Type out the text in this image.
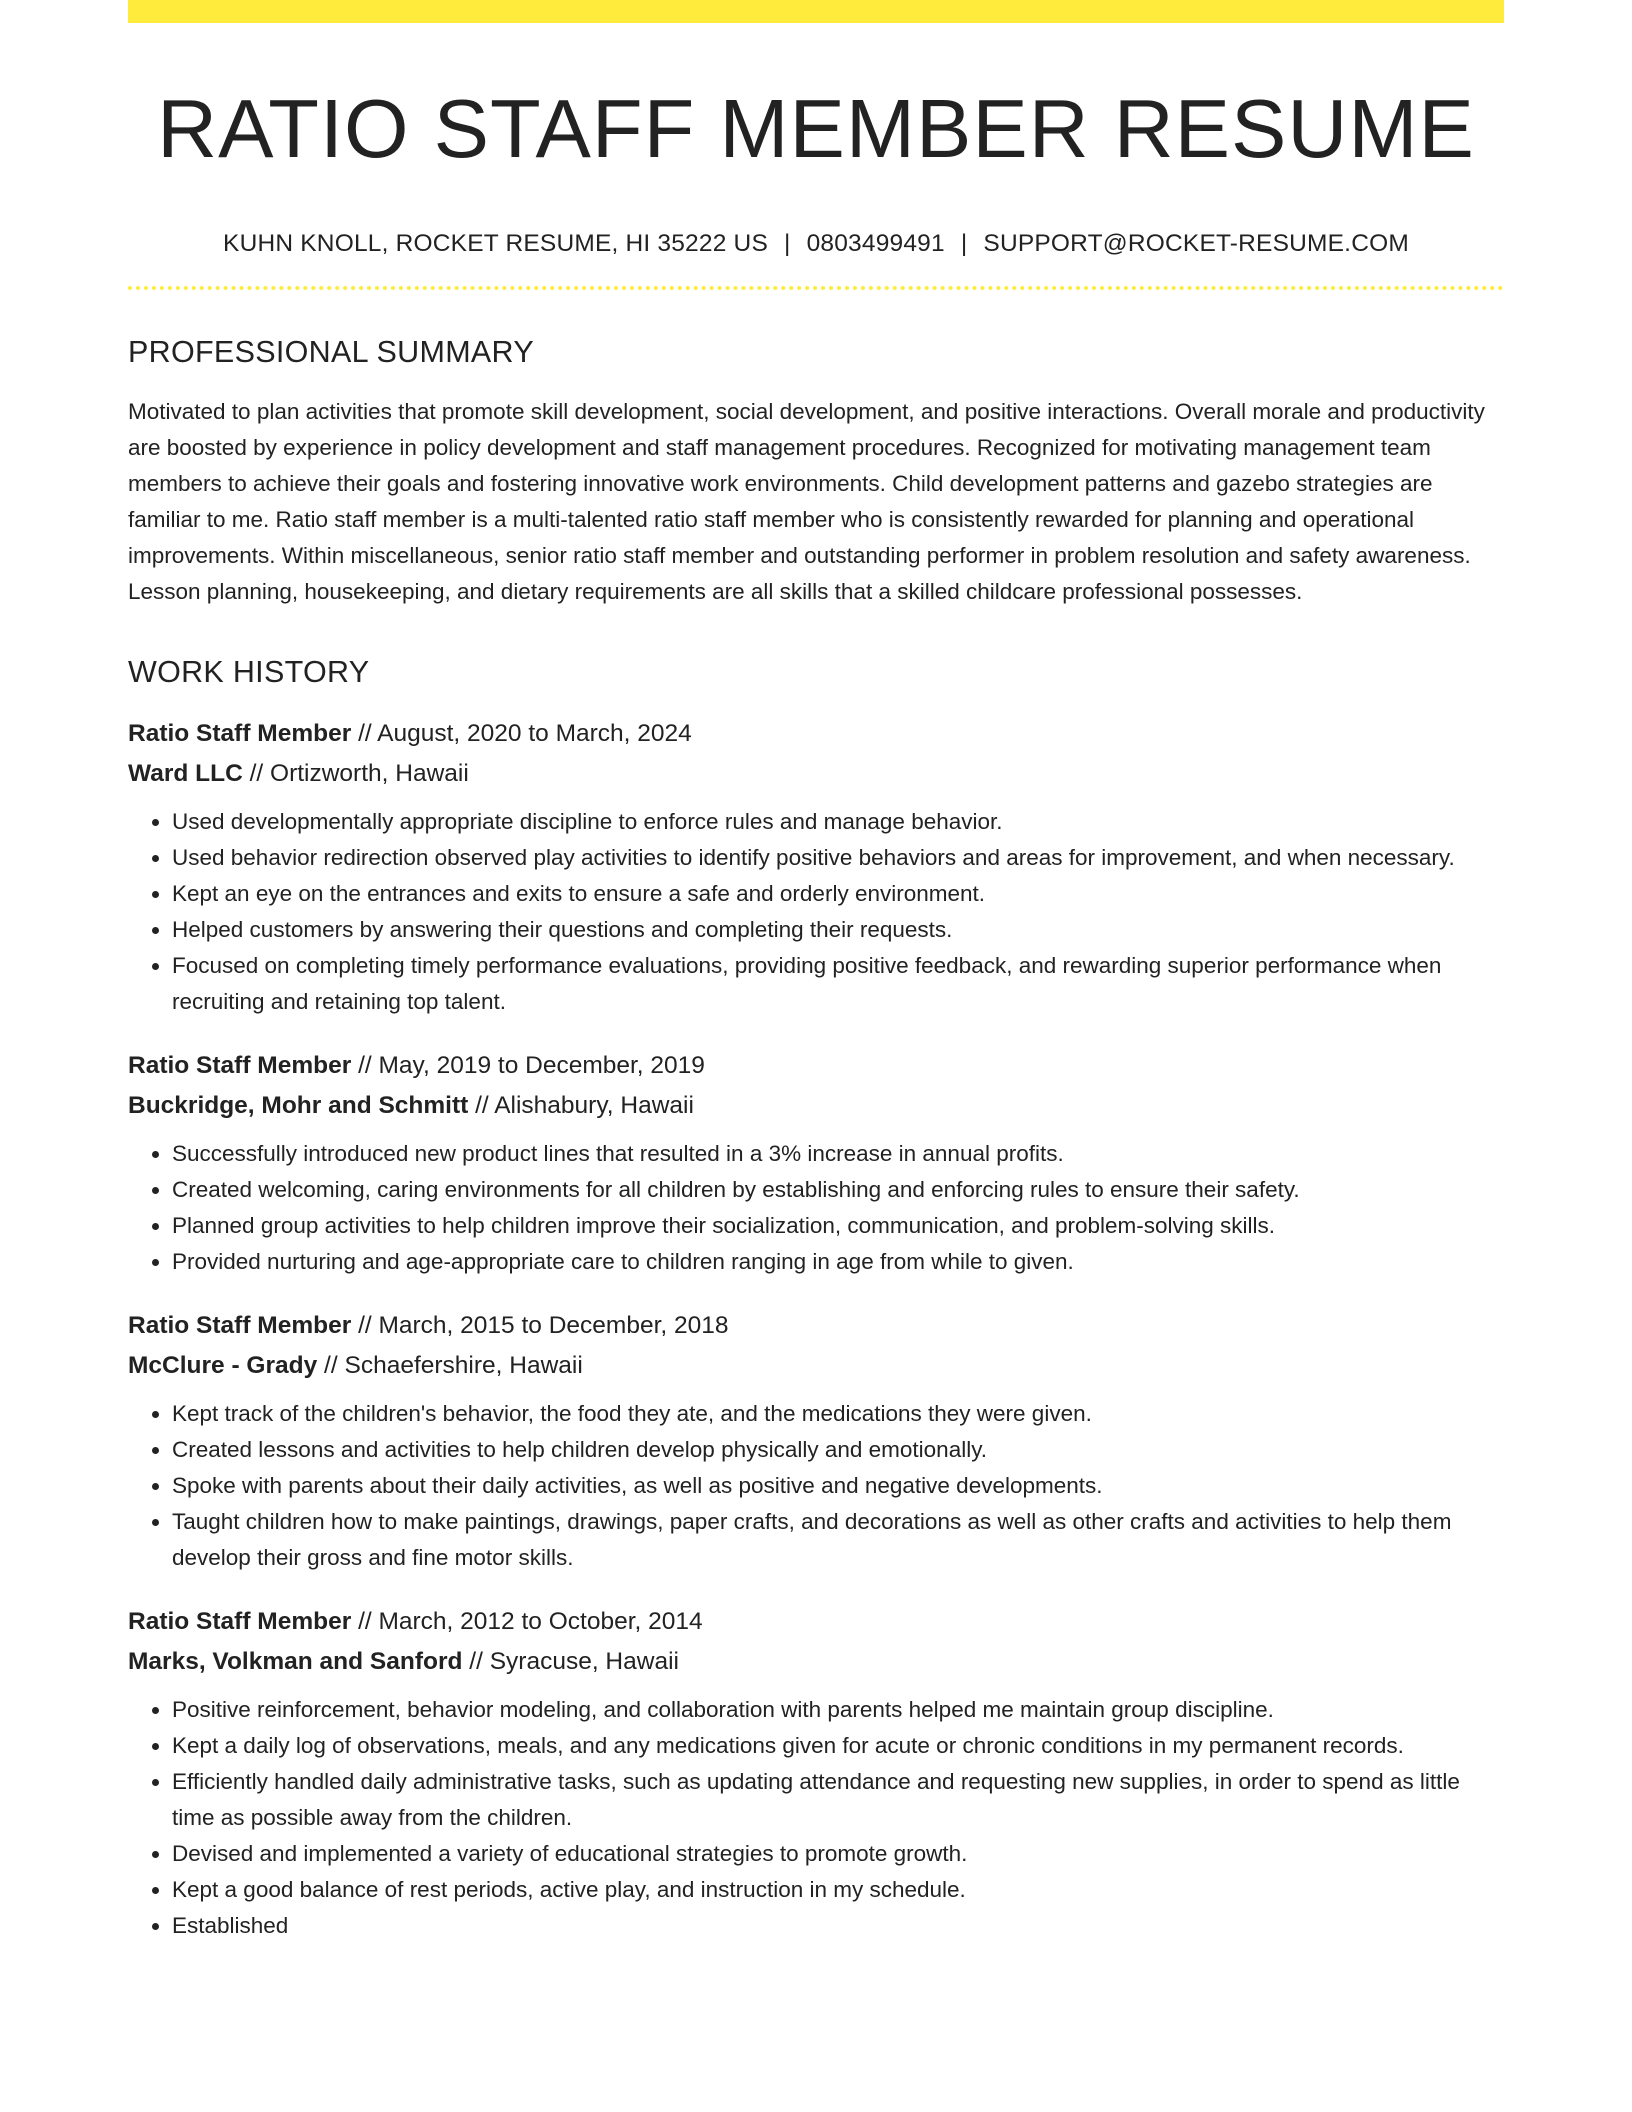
RATIO STAFF MEMBER RESUME
KUHN KNOLL, ROCKET RESUME, HI 35222 US | 0803499491 | SUPPORT@ROCKET-RESUME.COM
PROFESSIONAL SUMMARY

Motivated to plan activities that promote skill development, social development, and positive interactions. Overall morale and productivity are boosted by experience in policy development and staff management procedures. Recognized for motivating management team members to achieve their goals and fostering innovative work environments. Child development patterns and gazebo strategies are familiar to me. Ratio staff member is a multi-talented ratio staff member who is consistently rewarded for planning and operational improvements. Within miscellaneous, senior ratio staff member and outstanding performer in problem resolution and safety awareness. Lesson planning, housekeeping, and dietary requirements are all skills that a skilled childcare professional possesses.

WORK HISTORY
Ratio Staff Member // August, 2020 to March, 2024
Ward LLC // Ortizworth, Hawaii
• Used developmentally appropriate discipline to enforce rules and manage behavior.
• Used behavior redirection observed play activities to identify positive behaviors and areas for improvement, and when necessary.
• Kept an eye on the entrances and exits to ensure a safe and orderly environment.
• Helped customers by answering their questions and completing their requests.
• Focused on completing timely performance evaluations, providing positive feedback, and rewarding superior performance when recruiting and retaining top talent.
Ratio Staff Member // May, 2019 to December, 2019
Buckridge, Mohr and Schmitt // Alishabury, Hawaii
• Successfully introduced new product lines that resulted in a 3% increase in annual profits.
• Created welcoming, caring environments for all children by establishing and enforcing rules to ensure their safety.
• Planned group activities to help children improve their socialization, communication, and problem-solving skills.
• Provided nurturing and age-appropriate care to children ranging in age from while to given.
Ratio Staff Member // March, 2015 to December, 2018
McClure - Grady // Schaefershire, Hawaii
• Kept track of the children's behavior, the food they ate, and the medications they were given.
• Created lessons and activities to help children develop physically and emotionally.
• Spoke with parents about their daily activities, as well as positive and negative developments.
• Taught children how to make paintings, drawings, paper crafts, and decorations as well as other crafts and activities to help them develop their gross and fine motor skills.
Ratio Staff Member // March, 2012 to October, 2014
Marks, Volkman and Sanford // Syracuse, Hawaii
• Positive reinforcement, behavior modeling, and collaboration with parents helped me maintain group discipline.
• Kept a daily log of observations, meals, and any medications given for acute or chronic conditions in my permanent records.
• Efficiently handled daily administrative tasks, such as updating attendance and requesting new supplies, in order to spend as little time as possible away from the children.
• Devised and implemented a variety of educational strategies to promote growth.
• Kept a good balance of rest periods, active play, and instruction in my schedule.
• Established
